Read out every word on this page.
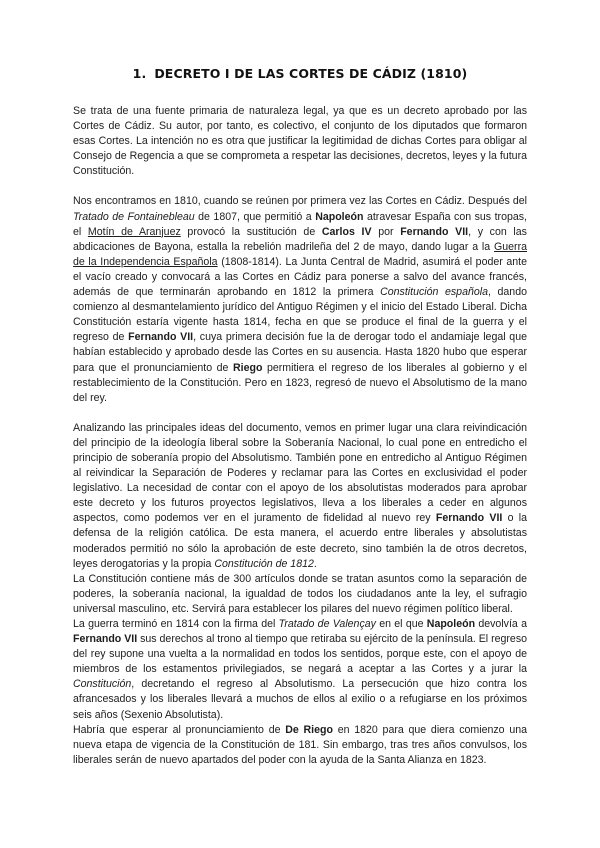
1. DECRETO I DE LAS CORTES DE CÁDIZ (1810)

Se trata de una fuente primaria de naturaleza legal, ya que es un decreto aprobado por las Cortes de Cádiz. Su autor, por tanto, es colectivo, el conjunto de los diputados que formaron esas Cortes. La intención no es otra que justificar la legitimidad de dichas Cortes para obligar al Consejo de Regencia a que se comprometa a respetar las decisiones, decretos, leyes y la futura Constitución.

Nos encontramos en 1810, cuando se reúnen por primera vez las Cortes en Cádiz. Después del Tratado de Fontainebleau de 1807, que permitió a Napoleón atravesar España con sus tropas, el Motín de Aranjuez provocó la sustitución de Carlos IV por Fernando VII, y con las abdicaciones de Bayona, estalla la rebelión madrileña del 2 de mayo, dando lugar a la Guerra de la Independencia Española (1808-1814). La Junta Central de Madrid, asumirá el poder ante el vacío creado y convocará a las Cortes en Cádiz para ponerse a salvo del avance francés, además de que terminarán aprobando en 1812 la primera Constitución española, dando comienzo al desmantelamiento jurídico del Antiguo Régimen y el inicio del Estado Liberal. Dicha Constitución estaría vigente hasta 1814, fecha en que se produce el final de la guerra y el regreso de Fernando VII, cuya primera decisión fue la de derogar todo el andamiaje legal que habían establecido y aprobado desde las Cortes en su ausencia. Hasta 1820 hubo que esperar para que el pronunciamiento de Riego permitiera el regreso de los liberales al gobierno y el restablecimiento de la Constitución. Pero en 1823, regresó de nuevo el Absolutismo de la mano del rey.

Analizando las principales ideas del documento, vemos en primer lugar una clara reivindicación del principio de la ideología liberal sobre la Soberanía Nacional, lo cual pone en entredicho el principio de soberanía propio del Absolutismo. También pone en entredicho al Antiguo Régimen al reivindicar la Separación de Poderes y reclamar para las Cortes en exclusividad el poder legislativo. La necesidad de contar con el apoyo de los absolutistas moderados para aprobar este decreto y los futuros proyectos legislativos, lleva a los liberales a ceder en algunos aspectos, como podemos ver en el juramento de fidelidad al nuevo rey Fernando VII o la defensa de la religión católica. De esta manera, el acuerdo entre liberales y absolutistas moderados permitió no sólo la aprobación de este decreto, sino también la de otros decretos, leyes derogatorias y la propia Constitución de 1812.

La Constitución contiene más de 300 artículos donde se tratan asuntos como la separación de poderes, la soberanía nacional, la igualdad de todos los ciudadanos ante la ley, el sufragio universal masculino, etc. Servirá para establecer los pilares del nuevo régimen político liberal.

La guerra terminó en 1814 con la firma del Tratado de Valençay en el que Napoleón devolvía a Fernando VII sus derechos al trono al tiempo que retiraba su ejército de la península. El regreso del rey supone una vuelta a la normalidad en todos los sentidos, porque este, con el apoyo de miembros de los estamentos privilegiados, se negará a aceptar a las Cortes y a jurar la Constitución, decretando el regreso al Absolutismo. La persecución que hizo contra los afrancesados y los liberales llevará a muchos de ellos al exilio o a refugiarse en los próximos seis años (Sexenio Absolutista).

Habría que esperar al pronunciamiento de De Riego en 1820 para que diera comienzo una nueva etapa de vigencia de la Constitución de 181. Sin embargo, tras tres años convulsos, los liberales serán de nuevo apartados del poder con la ayuda de la Santa Alianza en 1823.
